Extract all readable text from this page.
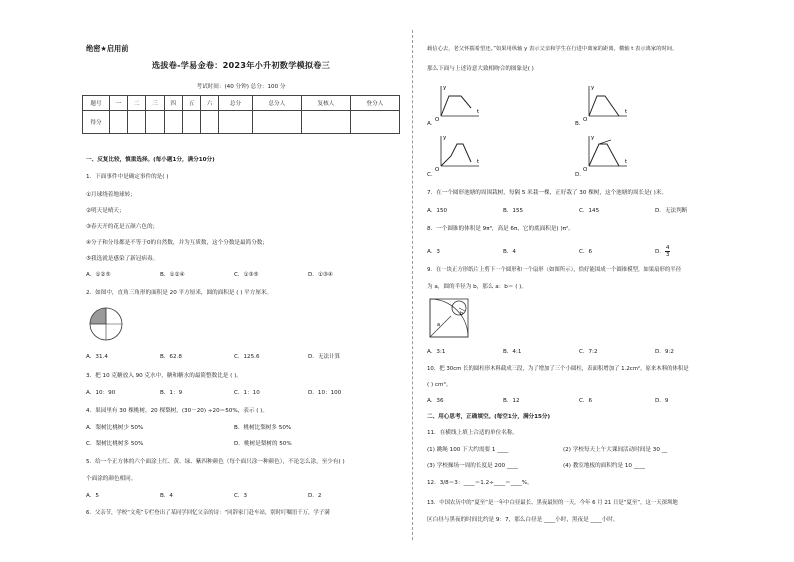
绝密★启用前
选拔卷-学易金卷：2023年小升初数学模拟卷三
考试时间：(40 分钟) 总分：100 分
题号	一	二	三	四	五	六	总分	总分人	复核人	登分人
得分										
一、反复比较，慎重选择。(每小题1分，满分10分)
1．下面事件中是确定事件的是( )
①月球绕着地球转；
②明天是晴天；
③春天开的花是五颜六色的；
④分子和分母都是不等于0的自然数，并为互质数，这个分数是最简分数；
⑤我选就是感染了新冠病毒。
A．①②⑤	B．①②④	C．①③⑤	D．①③④
2．如图中，直角三角形的面积是 20 平方厘米，圆的面积是 ( ) 平方厘米。
A．31.4	B．62.8	C．125.6	D．无法计算
3．把 10 克糖放入 90 克水中，糖和糖水的最简整数比是 ( )。
A．10：90	B．1：9	C．1：10	D．10：100
4．果园里有 30 棵桃树，20 棵梨树，(30－20) ÷20＝50%，表示 ( )。
A．梨树比桃树少 50%	B．桃树比梨树多 50%
C．梨树比桃树多 50%	D．桃树是梨树的 50%
5．给一个正方体的六个面涂上红、黄、绿、紫四种颜色（每个面只涂一种颜色），不论怎么涂，至少有( )
个面涂的颜色相同。
A．5	B．4	C．3	D．2
6．父亲节，学校“文苑”专栏登出了某同学回忆父亲的诗：“同辞家门赴车站，别时叮嘱语千万，学子满
载信心去，老父怀揣希望还。”如果用纵轴 y 表示父亲和学生在行进中离家的距离，横轴 t 表示离家的时间，
那么下面与上述诗意大致相吻合的图象是( )
y
t
O
A．
y
t
O
B．
y
t
O
C．
y
t
O
D．
7．在一个圆形池塘的周围栽树，每隔 5 米栽一棵，正好栽了 30 棵树，这个池塘的周长是( )米。
A．150	B．155	C．145	D．无法判断
8．一个圆锥的体积是 9π³，高是 6π，它的底面积是( )π²。
A．3	B．4	C．6	D． $\frac{4}{3}$
9．在一块正方形纸片上剪下一个圆形和一个扇形（如图所示），恰好能围成一个圆锥模型，如果扇形的半径
为 a，圆的半径为 b，那么 a：b＝ ( )。
a
b
A．3:1	B．4:1	C．7:2	D．9:2
10．把 30cm 长的圆柱形木料截成三段，为了增加了三个小圆柱，表面积增加了 1.2cm²，原来木料的体积是
( ) cm³。
A．36	B．12	C．6	D．9
二、用心思考，正确填空。(每空1分，满分15分)
11．在横线上填上合适的单位名称。
(1) 跳绳 100 下大约需要 1 ____	(2) 学校每天上午大课间活动时间是 30 __
(3) 学校操场一周的长度是 200 ____	(4) 教室地板的面积约是 10 ____
12．3/8＝3：____＝1.2÷____＝____%。
13．中国农历中的“夏至”是一年中白昼最长、黑夜最短的一天。今年 6 月 21 日是“夏至”，这一天深圳地
区白昼与黑夜的时间比约是 9：7，那么白昼是 ____小时，黑夜是 ____小时。
